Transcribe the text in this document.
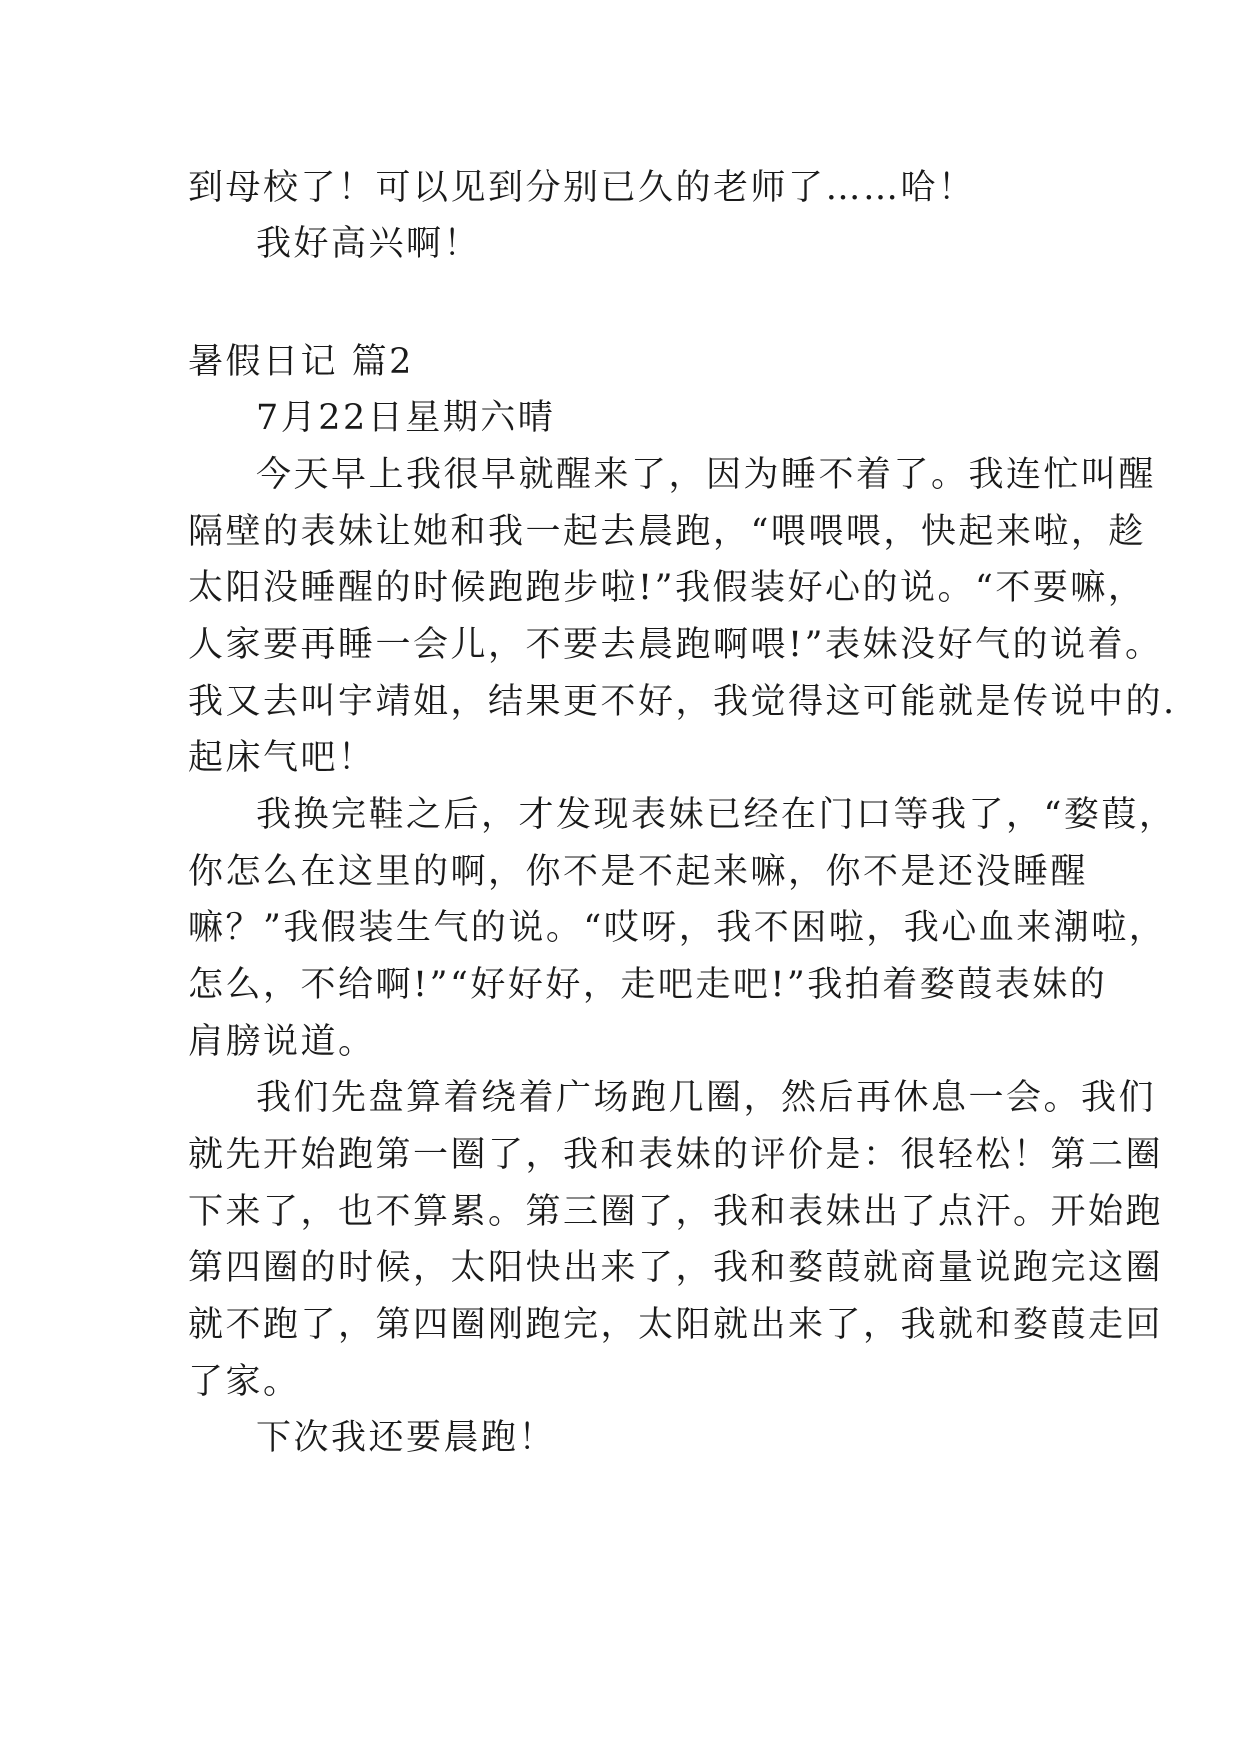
到母校了！可以见到分别已久的老师了……哈！
我好高兴啊！
暑假日记 篇2
7月22日星期六晴
今天早上我很早就醒来了，因为睡不着了。我连忙叫醒
隔壁的表妹让她和我一起去晨跑，“喂喂喂，快起来啦，趁
太阳没睡醒的时候跑跑步啦!”我假装好心的说。“不要嘛，
人家要再睡一会儿，不要去晨跑啊喂!”表妹没好气的说着。
我又去叫宇靖姐，结果更不好，我觉得这可能就是传说中的.
起床气吧！
我换完鞋之后，才发现表妹已经在门口等我了，“婺葭，
你怎么在这里的啊，你不是不起来嘛，你不是还没睡醒
嘛？”我假装生气的说。“哎呀，我不困啦，我心血来潮啦，
怎么，不给啊!”“好好好，走吧走吧!”我拍着婺葭表妹的
肩膀说道。
我们先盘算着绕着广场跑几圈，然后再休息一会。我们
就先开始跑第一圈了，我和表妹的评价是：很轻松！第二圈
下来了，也不算累。第三圈了，我和表妹出了点汗。开始跑
第四圈的时候，太阳快出来了，我和婺葭就商量说跑完这圈
就不跑了，第四圈刚跑完，太阳就出来了，我就和婺葭走回
了家。
下次我还要晨跑！
